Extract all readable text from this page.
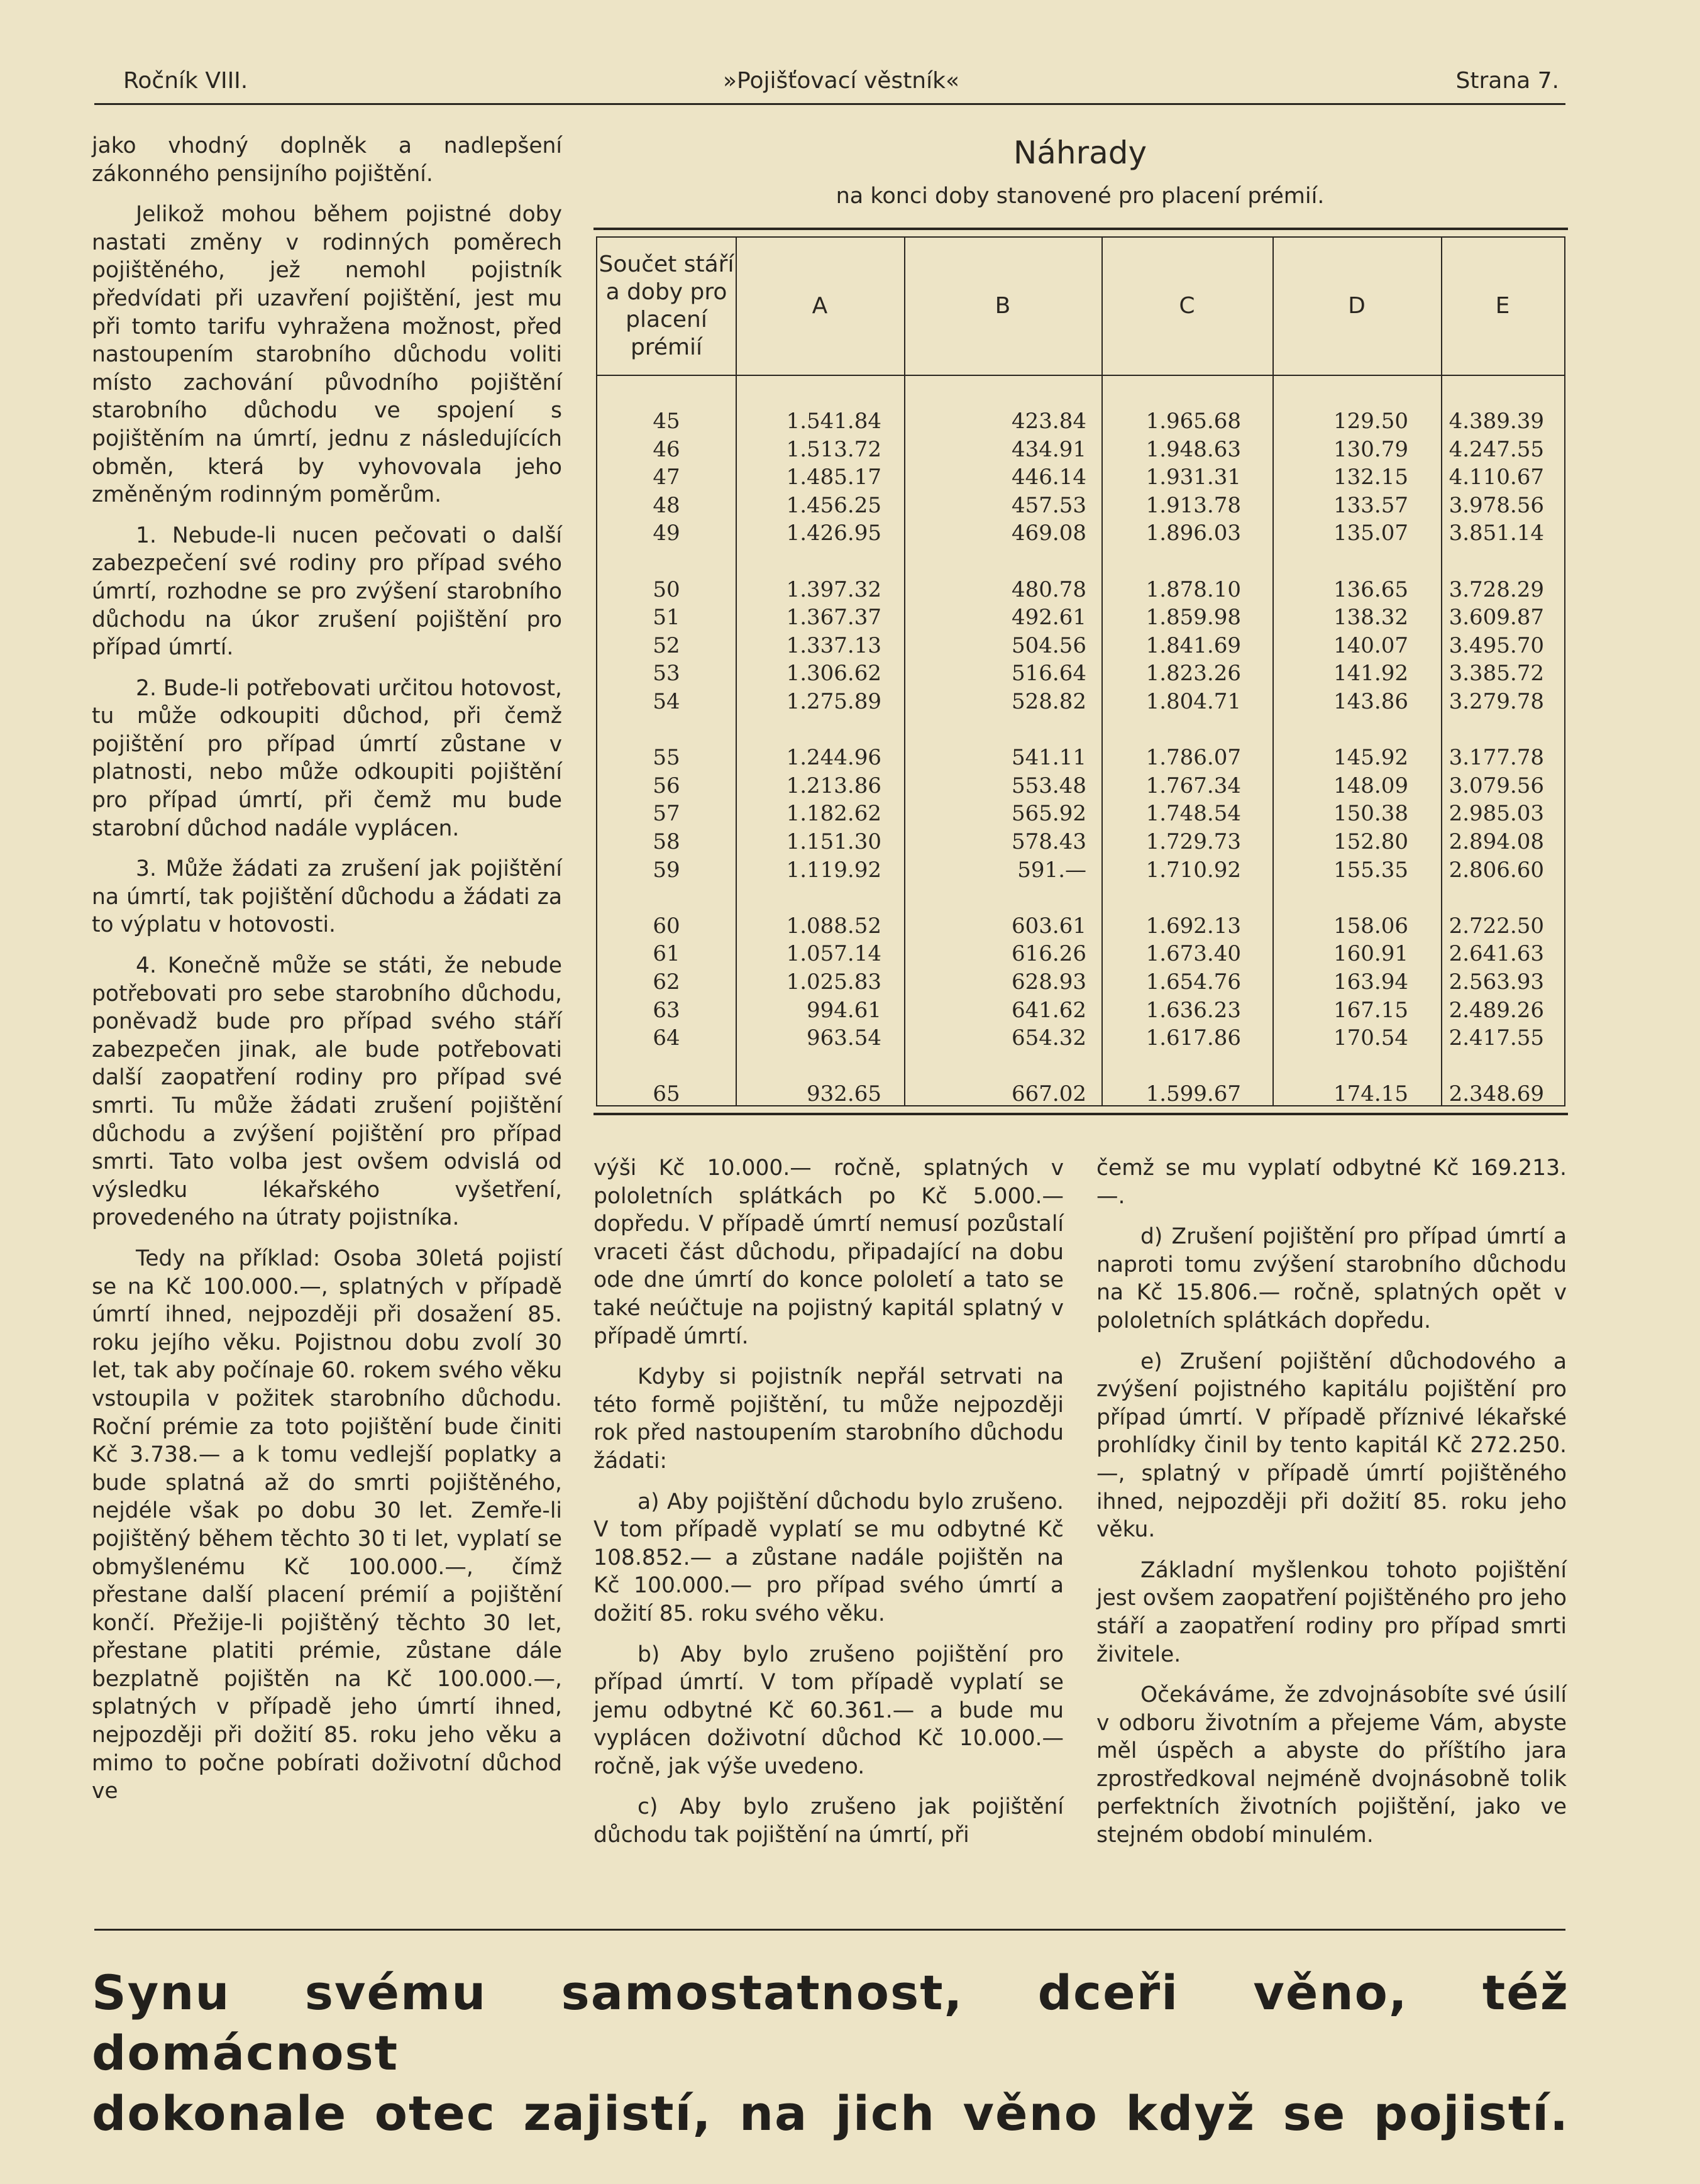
Ročník VIII.	»Pojišťovací věstník«	Strana 7.

jako vhodný doplněk a nadlepšení zákonného pensijního pojištění.

Jelikož mohou během pojistné doby nastati změny v rodinných poměrech pojištěného, jež nemohl pojistník předvídati při uzavření pojištění, jest mu při tomto tarifu vyhražena možnost, před nastoupením starobního důchodu voliti místo zachování původního pojištění starobního důchodu ve spojení s pojištěním na úmrtí, jednu z následujících obměn, která by vyhovovala jeho změněným rodinným poměrům.

1. Nebude-li nucen pečovati o další zabezpečení své rodiny pro případ svého úmrtí, rozhodne se pro zvýšení starobního důchodu na úkor zrušení pojištění pro případ úmrtí.

2. Bude-li potřebovati určitou hotovost, tu může odkoupiti důchod, při čemž pojištění pro případ úmrtí zůstane v platnosti, nebo může odkoupiti pojištění pro případ úmrtí, při čemž mu bude starobní důchod nadále vyplácen.

3. Může žádati za zrušení jak pojištění na úmrtí, tak pojištění důchodu a žádati za to výplatu v hotovosti.

4. Konečně může se státi, že nebude potřebovati pro sebe starobního důchodu, poněvadž bude pro případ svého stáří zabezpečen jinak, ale bude potřebovati další zaopatření rodiny pro případ své smrti. Tu může žádati zrušení pojištění důchodu a zvýšení pojištění pro případ smrti. Tato volba jest ovšem odvislá od výsledku lékařského vyšetření, provedeného na útraty pojistníka.

Tedy na příklad: Osoba 30letá pojistí se na Kč 100.000.—, splatných v případě úmrtí ihned, nejpozději při dosažení 85. roku jejího věku. Pojistnou dobu zvolí 30 let, tak aby počínaje 60. rokem svého věku vstoupila v požitek starobního důchodu. Roční prémie za toto pojištění bude činiti Kč 3.738.— a k tomu vedlejší poplatky a bude splatná až do smrti pojištěného, nejdéle však po dobu 30 let. Zemře-li pojištěný během těchto 30 ti let, vyplatí se obmyšlenému Kč 100.000.—, čímž přestane další placení prémií a pojištění končí. Přežije-li pojištěný těchto 30 let, přestane platiti prémie, zůstane dále bezplatně pojištěn na Kč 100.000.—, splatných v případě jeho úmrtí ihned, nejpozději při dožití 85. roku jeho věku a mimo to počne pobírati doživotní důchod ve

Náhrady
na konci doby stanovené pro placení prémií.
Součet stáří a doby pro placení prémií
A	B	C	D	E
45	1.541.84	423.84	1.965.68	129.50	4.389.39
46	1.513.72	434.91	1.948.63	130.79	4.247.55
47	1.485.17	446.14	1.931.31	132.15	4.110.67
48	1.456.25	457.53	1.913.78	133.57	3.978.56
49	1.426.95	469.08	1.896.03	135.07	3.851.14
50	1.397.32	480.78	1.878.10	136.65	3.728.29
51	1.367.37	492.61	1.859.98	138.32	3.609.87
52	1.337.13	504.56	1.841.69	140.07	3.495.70
53	1.306.62	516.64	1.823.26	141.92	3.385.72
54	1.275.89	528.82	1.804.71	143.86	3.279.78
55	1.244.96	541.11	1.786.07	145.92	3.177.78
56	1.213.86	553.48	1.767.34	148.09	3.079.56
57	1.182.62	565.92	1.748.54	150.38	2.985.03
58	1.151.30	578.43	1.729.73	152.80	2.894.08
59	1.119.92	591.—	1.710.92	155.35	2.806.60
60	1.088.52	603.61	1.692.13	158.06	2.722.50
61	1.057.14	616.26	1.673.40	160.91	2.641.63
62	1.025.83	628.93	1.654.76	163.94	2.563.93
63	994.61	641.62	1.636.23	167.15	2.489.26
64	963.54	654.32	1.617.86	170.54	2.417.55
65	932.65	667.02	1.599.67	174.15	2.348.69

výši Kč 10.000.— ročně, splatných v pololetních splátkách po Kč 5.000.— dopředu. V případě úmrtí nemusí pozůstalí vraceti část důchodu, připadající na dobu ode dne úmrtí do konce pololetí a tato se také neúčtuje na pojistný kapitál splatný v případě úmrtí.

Kdyby si pojistník nepřál setrvati na této formě pojištění, tu může nejpozději rok před nastoupením starobního důchodu žádati:

a) Aby pojištění důchodu bylo zrušeno. V tom případě vyplatí se mu odbytné Kč 108.852.— a zůstane nadále pojištěn na Kč 100.000.— pro případ svého úmrtí a dožití 85. roku svého věku.

b) Aby bylo zrušeno pojištění pro případ úmrtí. V tom případě vyplatí se jemu odbytné Kč 60.361.— a bude mu vyplácen doživotní důchod Kč 10.000.— ročně, jak výše uvedeno.

c) Aby bylo zrušeno jak pojištění důchodu tak pojištění na úmrtí, při

čemž se mu vyplatí odbytné Kč 169.213.—.

d) Zrušení pojištění pro případ úmrtí a naproti tomu zvýšení starobního důchodu na Kč 15.806.— ročně, splatných opět v pololetních splátkách dopředu.

e) Zrušení pojištění důchodového a zvýšení pojistného kapitálu pojištění pro případ úmrtí. V případě příznivé lékařské prohlídky činil by tento kapitál Kč 272.250.—, splatný v případě úmrtí pojištěného ihned, nejpozději při dožití 85. roku jeho věku.

Základní myšlenkou tohoto pojištění jest ovšem zaopatření pojištěného pro jeho stáří a zaopatření rodiny pro případ smrti živitele.

Očekáváme, že zdvojnásobíte své úsilí v odboru životním a přejeme Vám, abyste měl úspěch a abyste do příštího jara zprostředkoval nejméně dvojnásobně tolik perfektních životních pojištění, jako ve stejném období minulém.

Synu svému samostatnost, dceři věno, též domácnost
dokonale otec zajistí, na jich věno když se pojistí.
